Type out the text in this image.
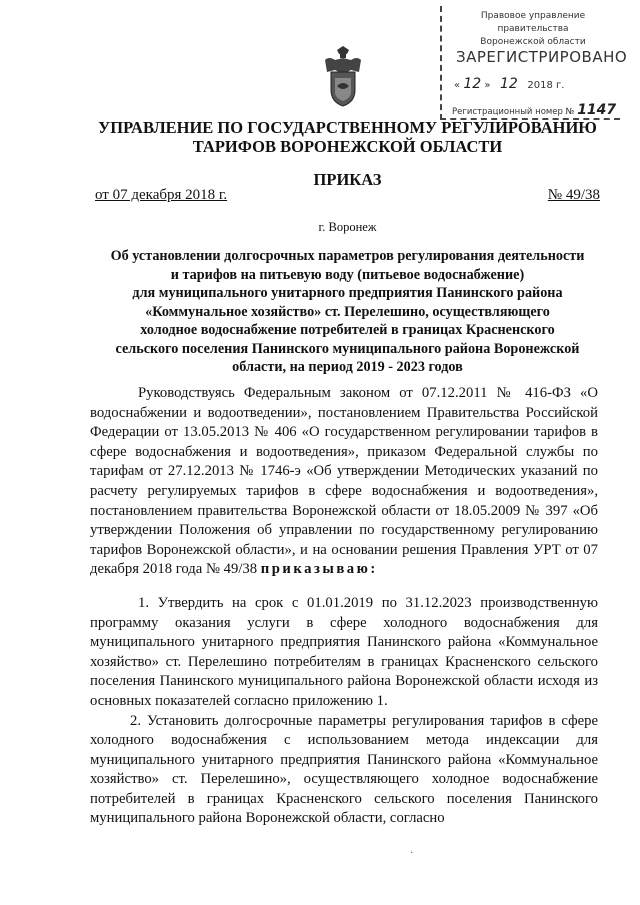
Правовое управление правительства
Воронежской области
ЗАРЕГИСТРИРОВАНО
« 12 » 12 2018 г.
Регистрационный номер № 1147
УПРАВЛЕНИЕ ПО ГОСУДАРСТВЕННОМУ РЕГУЛИРОВАНИЮ
ТАРИФОВ ВОРОНЕЖСКОЙ ОБЛАСТИ
ПРИКАЗ
от 07 декабря 2018 г.	№ 49/38
г. Воронеж
Об установлении долгосрочных параметров регулирования деятельности
и тарифов на питьевую воду (питьевое водоснабжение)
для муниципального унитарного предприятия Панинского района
«Коммунальное хозяйство» ст. Перелешино, осуществляющего
холодное водоснабжение потребителей в границах Красненского
сельского поселения Панинского муниципального района Воронежской
области, на период 2019 - 2023 годов

Руководствуясь Федеральным законом от 07.12.2011 № 416-ФЗ «О водоснабжении и водоотведении», постановлением Правительства Российской Федерации от 13.05.2013 № 406 «О государственном регулировании тарифов в сфере водоснабжения и водоотведения», приказом Федеральной службы по тарифам от 27.12.2013 № 1746-э «Об утверждении Методических указаний по расчету регулируемых тарифов в сфере водоснабжения и водоотведения», постановлением правительства Воронежской области от 18.05.2009 № 397 «Об утверждении Положения об управлении по государственному регулированию тарифов Воронежской области», и на основании решения Правления УРТ от 07 декабря 2018 года № 49/38 приказываю:

1. Утвердить на срок с 01.01.2019 по 31.12.2023 производственную программу оказания услуги в сфере холодного водоснабжения для муниципального унитарного предприятия Панинского района «Коммунальное хозяйство» ст. Перелешино потребителям в границах Красненского сельского поселения Панинского муниципального района Воронежской области исходя из основных показателей согласно приложению 1.

2. Установить долгосрочные параметры регулирования тарифов в сфере холодного водоснабжения с использованием метода индексации для муниципального унитарного предприятия Панинского района «Коммунальное хозяйство» ст. Перелешино», осуществляющего холодное водоснабжение потребителей в границах Красненского сельского поселения Панинского муниципального района Воронежской области, согласно

·
